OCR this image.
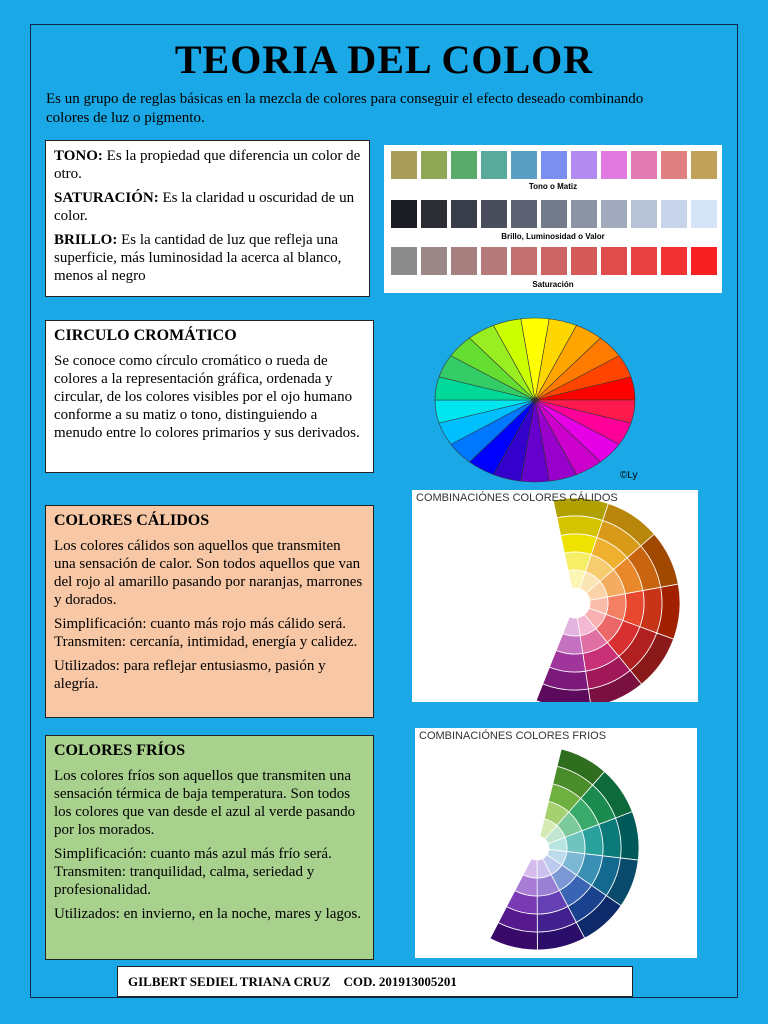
TEORIA DEL COLOR
Es un grupo de reglas básicas en la mezcla de colores para conseguir el efecto deseado combinando colores de luz o pigmento.

TONO: Es la propiedad que diferencia un color de otro.

SATURACIÓN: Es la claridad u oscuridad de un color.

BRILLO: Es la cantidad de luz que refleja una superficie, más luminosidad la acerca al blanco, menos al negro

Tono o Matiz
Brillo, Luminosidad o Valor
Saturación

CIRCULO CROMÁTICO

Se conoce como círculo cromático o rueda de colores a la representación gráfica, ordenada y circular, de los colores visibles por el ojo humano conforme a su matiz o tono, distinguiendo a menudo entre lo colores primarios y sus derivados.

©Ly

COLORES CÁLIDOS

Los colores cálidos son aquellos que transmiten una sensación de calor. Son todos aquellos que van del rojo al amarillo pasando por naranjas, marrones y dorados.

Simplificación: cuanto más rojo más cálido será. Transmiten: cercanía, intimidad, energía y calidez.

Utilizados: para reflejar entusiasmo, pasión y alegría.

COMBINACIÓNES COLORES CÁLIDOS

COLORES FRÍOS

Los colores fríos son aquellos que transmiten una sensación térmica de baja temperatura. Son todos los colores que van desde el azul al verde pasando por los morados.

Simplificación: cuanto más azul más frío será. Transmiten: tranquilidad, calma, seriedad y profesionalidad.

Utilizados: en invierno, en la noche, mares y lagos.

COMBINACIÓNES COLORES FRIOS
GILBERT SEDIEL TRIANA CRUZ COD. 201913005201
